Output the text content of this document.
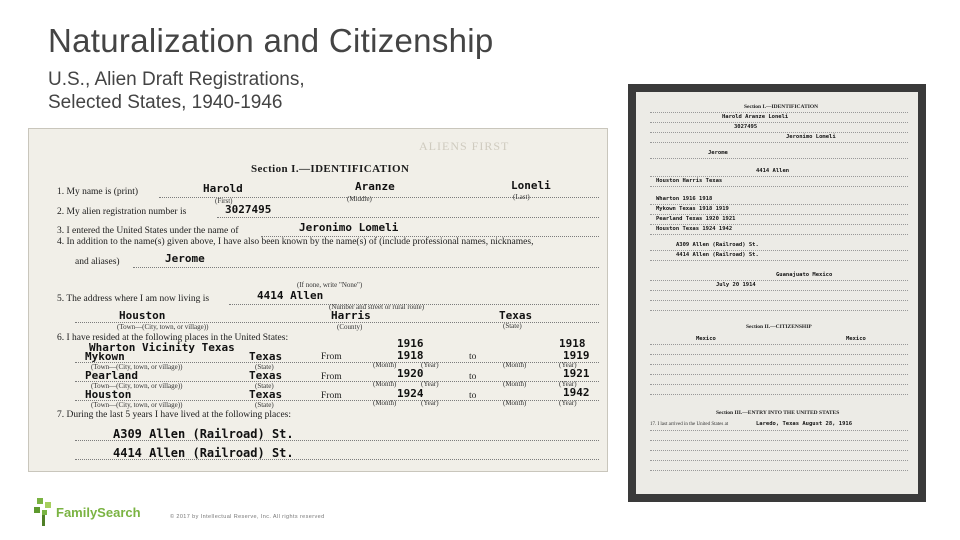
Naturalization and Citizenship
U.S., Alien Draft Registrations,
Selected States, 1940-1946
ALIENS FIRST
Section I.—IDENTIFICATION
1. My name is (print)	Harold	Aranze	Loneli
(First)	(Middle)	(Last)
2. My alien registration number is	3027495
3. I entered the United States under the name of	Jeronimo Lomeli
4. In addition to the name(s) given above, I have also been known by the name(s) of (include professional names, nicknames,
and aliases)	Jerome
(If none, write "None")
5. The address where I am now living is	4414 Allen
(Number and street or rural route)
Houston	Harris	Texas
(Town—(City, town, or village))	(County)	(State)
6. I have resided at the following places in the United States:
Wharton Vicinity Texas	1916	1918
Mykown	Texas	From	1918	to	1919
(Town—(City, town, or village))	(State)	(Month)	(Year)	(Month)	(Year)
Pearland	Texas	From	1920	to	1921
(Town—(City, town, or village))	(State)	(Month)	(Year)	(Month)	(Year)
Houston	Texas	From	1924	to	1942
(Town—(City, town, or village))	(State)	(Month)	(Year)	(Month)	(Year)
7. During the last 5 years I have lived at the following places:
A309 Allen (Railroad) St.
4414 Allen (Railroad) St.
Section I.—IDENTIFICATION
Harold Aranze Loneli
3027495
Jeronimo Lomeli
Jerome
4414 Allen
Houston Harris Texas
Wharton 1916 1918
Mykown Texas 1918 1919
Pearland Texas 1920 1921
Houston Texas 1924 1942
A309 Allen (Railroad) St.
4414 Allen (Railroad) St.
Guanajuato Mexico
July 20 1914
Section II.—CITIZENSHIP
Mexico	Mexico
Section III.—ENTRY INTO THE UNITED STATES
17. I last arrived in the United States at	Laredo, Texas August 28, 1916
FamilySearch	© 2017 by Intellectual Reserve, Inc. All rights reserved
